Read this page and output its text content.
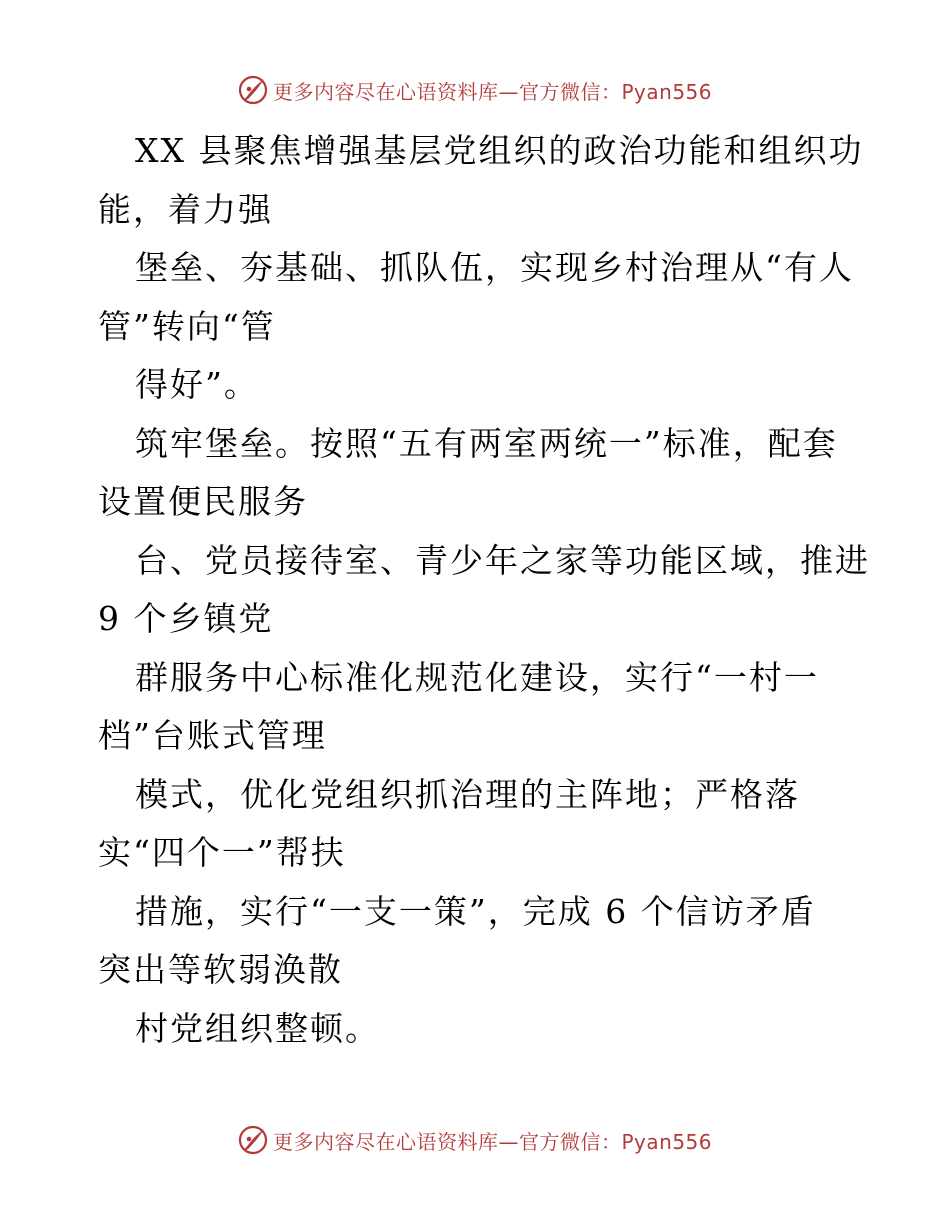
更多内容尽在心语资料库—官方微信：Pyan556
XX 县聚焦增强基层党组织的政治功能和组织功
能，着力强
堡垒、夯基础、抓队伍，实现乡村治理从“有人
管”转向“管
得好”。
筑牢堡垒。按照“五有两室两统一”标准，配套
设置便民服务
台、党员接待室、青少年之家等功能区域，推进
9 个乡镇党
群服务中心标准化规范化建设，实行“一村一
档”台账式管理
模式，优化党组织抓治理的主阵地；严格落
实“四个一”帮扶
措施，实行“一支一策”，完成 6 个信访矛盾
突出等软弱涣散
村党组织整顿。
更多内容尽在心语资料库—官方微信：Pyan556
